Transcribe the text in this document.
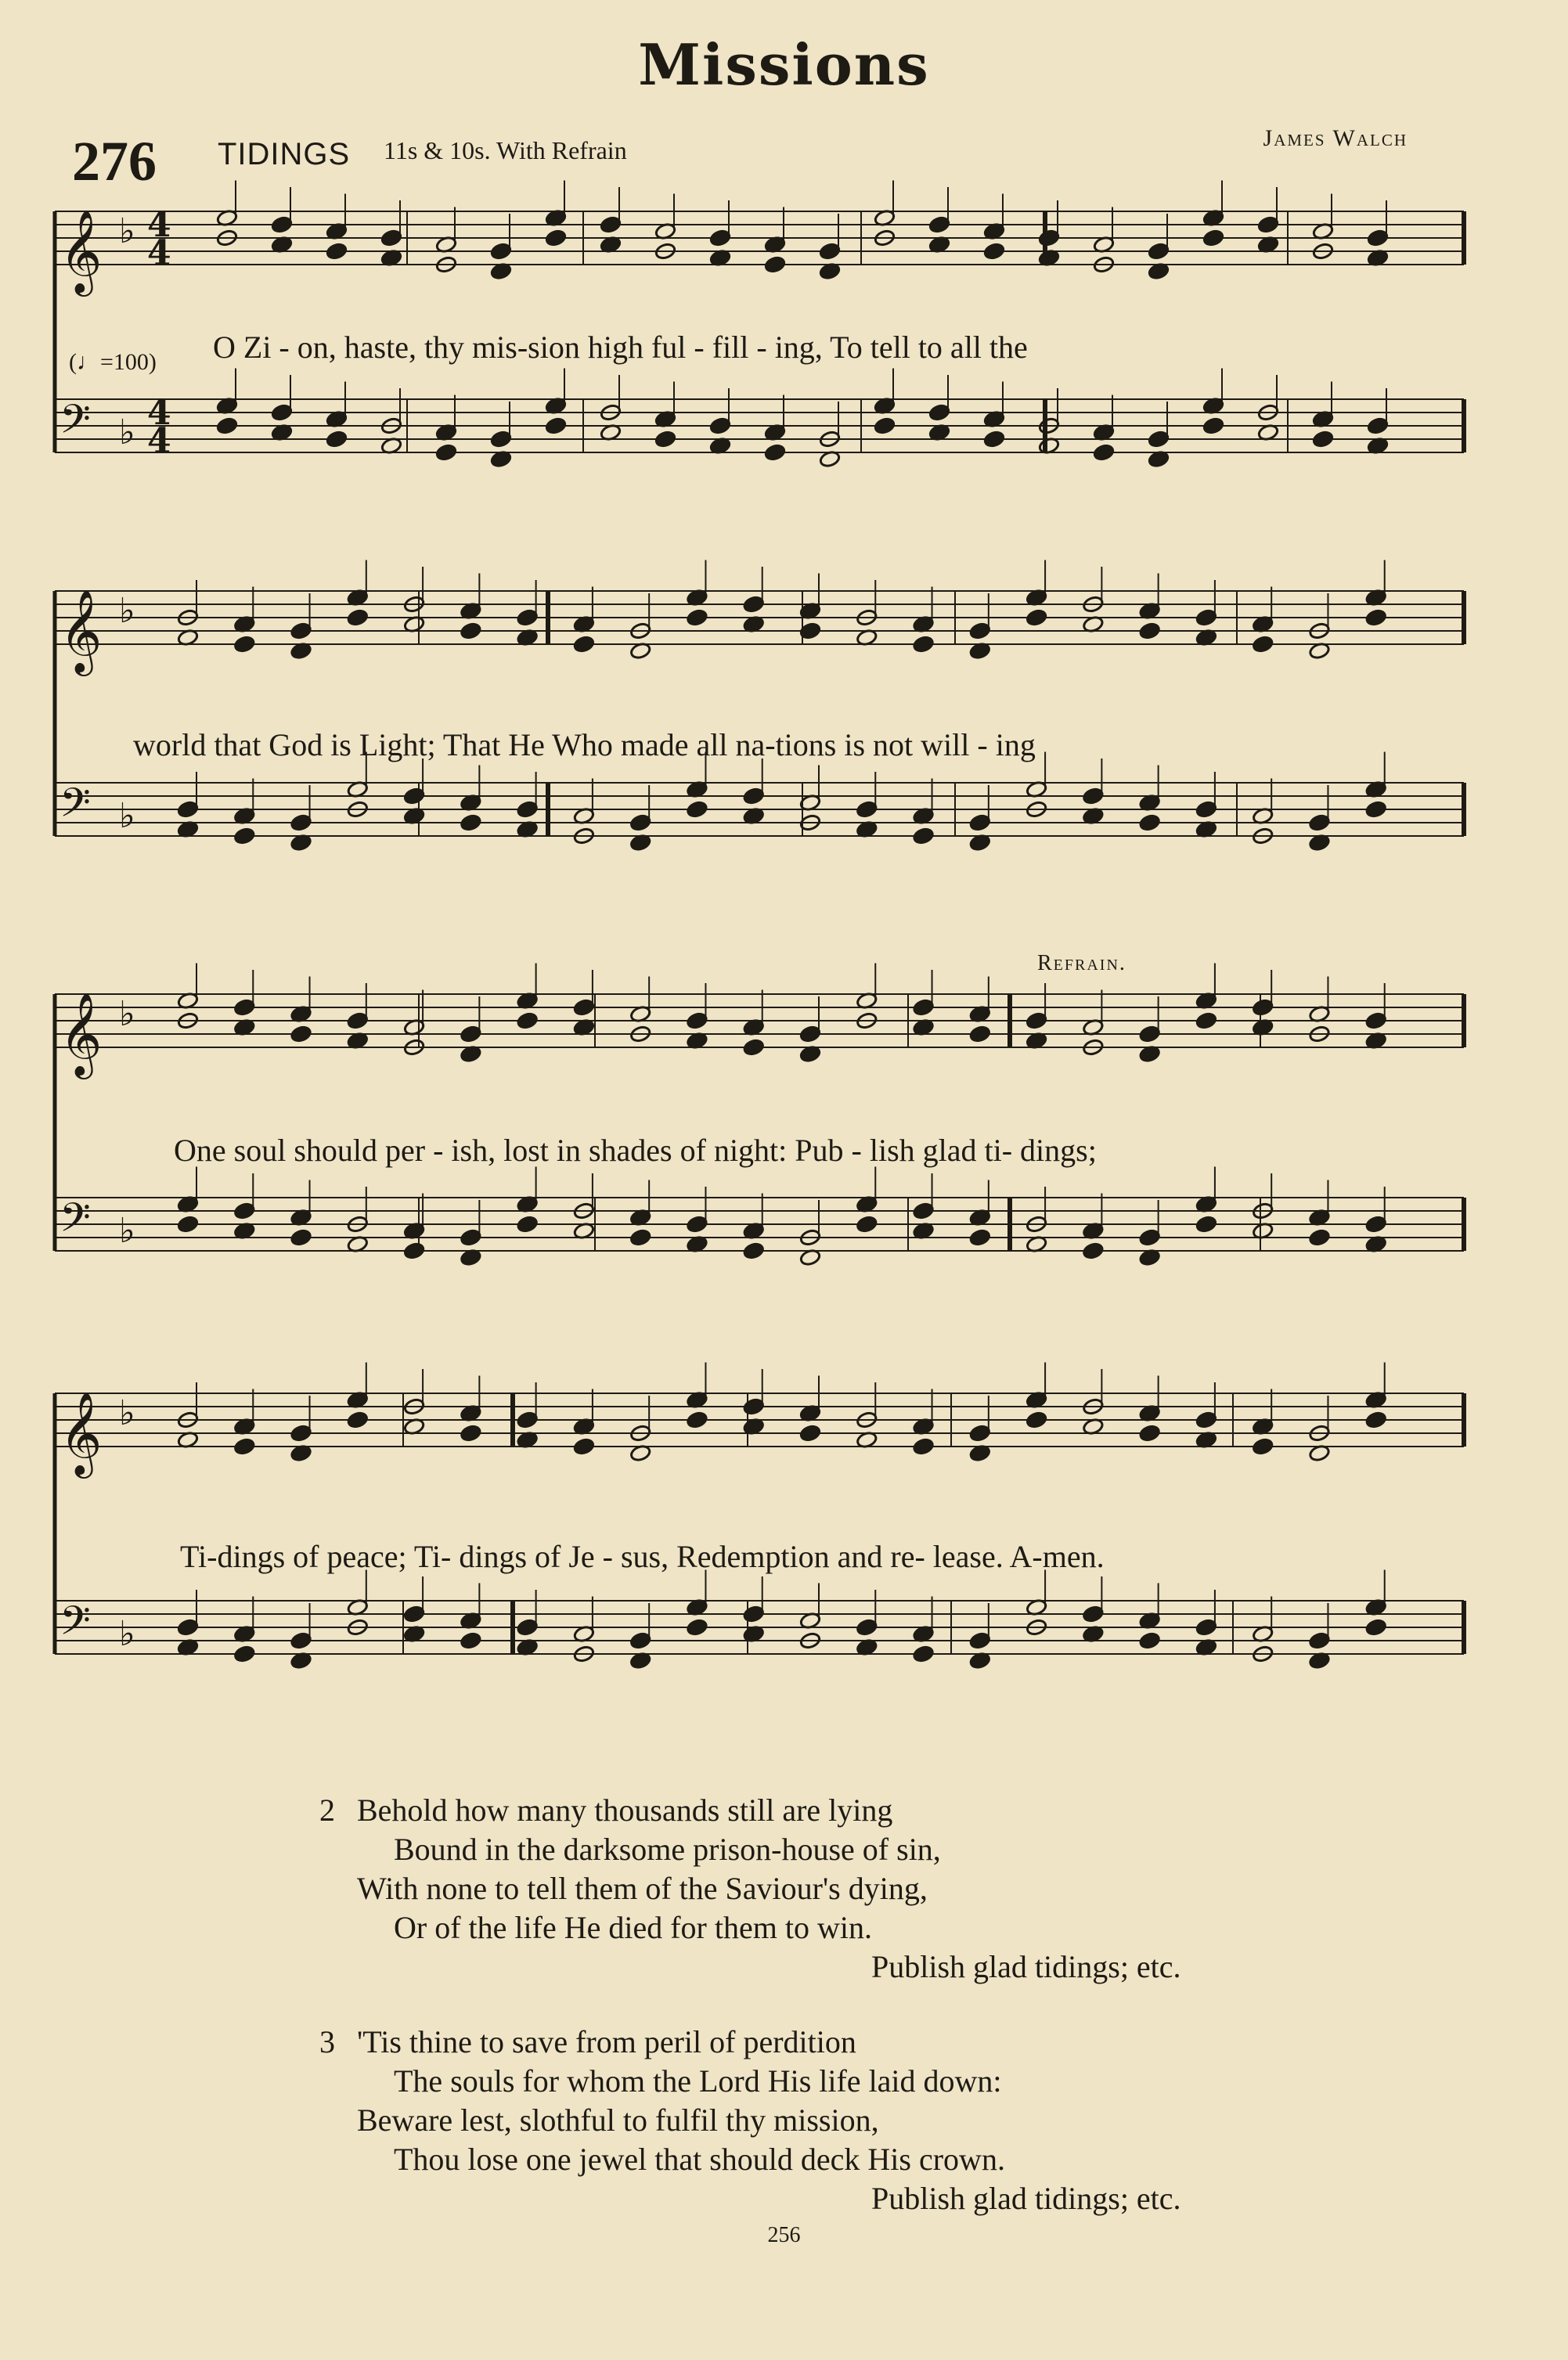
Missions
276 TIDINGS 11s & 10s. With Refrain	James Walch
(♩=100)
Refrain.
𝄞 ♭ 4
4
𝄢 ♭ 4
4
𝄞 ♭
𝄢 ♭
𝄞 ♭
𝄢 ♭
𝄞 ♭
𝄢 ♭
O Zi - on, haste, thy mis-sion high ful - fill - ing, To tell to all the
world that God is Light; That He Who made all na-tions is not will - ing
One soul should per - ish, lost in shades of night: Pub - lish glad ti- dings;
Ti-dings of peace; Ti- dings of Je - sus, Redemption and re- lease. A-men.
2 Behold how many thousands still are lying
Bound in the darksome prison-house of sin,
With none to tell them of the Saviour's dying,
Or of the life He died for them to win.
Publish glad tidings; etc.
3 'Tis thine to save from peril of perdition
The souls for whom the Lord His life laid down:
Beware lest, slothful to fulfil thy mission,
Thou lose one jewel that should deck His crown.
Publish glad tidings; etc.
256
